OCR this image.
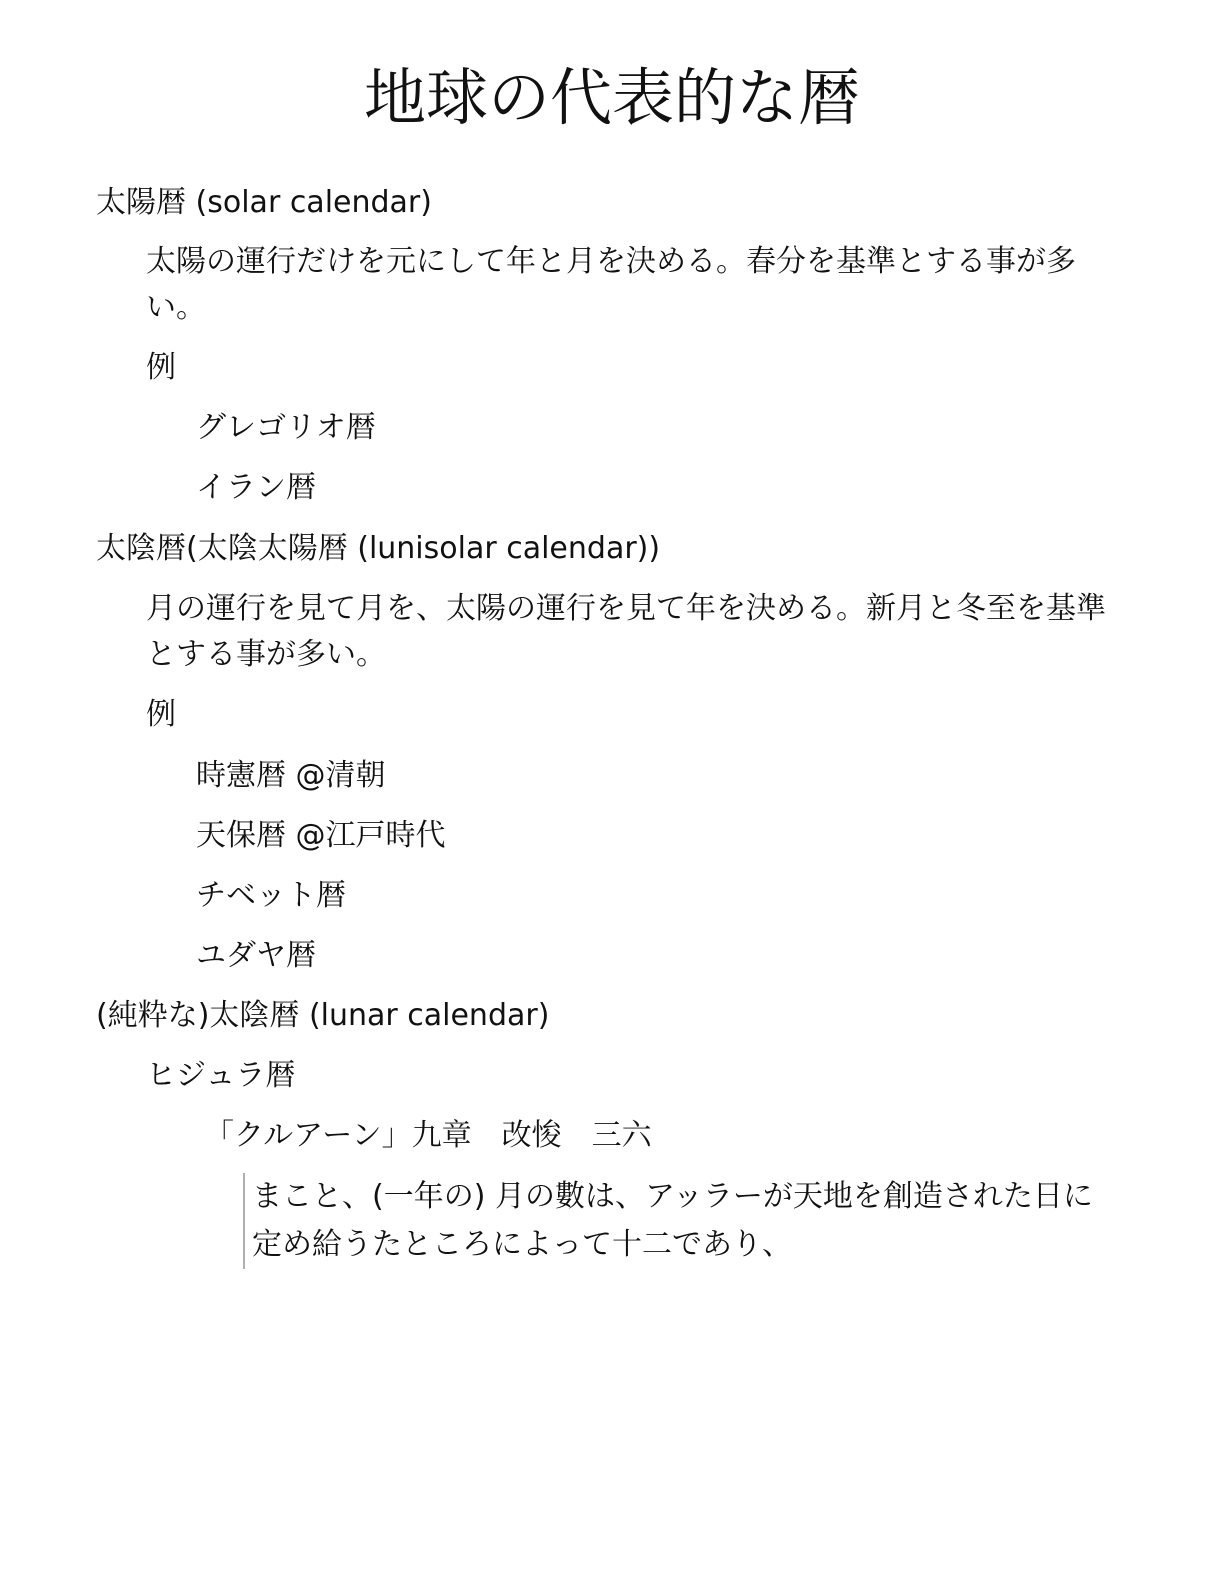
地球の代表的な暦
太陽暦 (solar calendar)

太陽の運行だけを元にして年と月を決める。春分を基準とする事が多い。

例
グレゴリオ暦
イラン暦
太陰暦(太陰太陽暦 (lunisolar calendar))

月の運行を見て月を、太陽の運行を見て年を決める。新月と冬至を基準とする事が多い。

例
時憲暦 @清朝
天保暦 @江戸時代
チベット暦
ユダヤ暦
(純粋な)太陰暦 (lunar calendar)
ヒジュラ暦
「クルアーン」九章　改悛　三六
まこと、(一年の) 月の數は、アッラーが天地を創造された日に定め給うたところによって十二であり、
